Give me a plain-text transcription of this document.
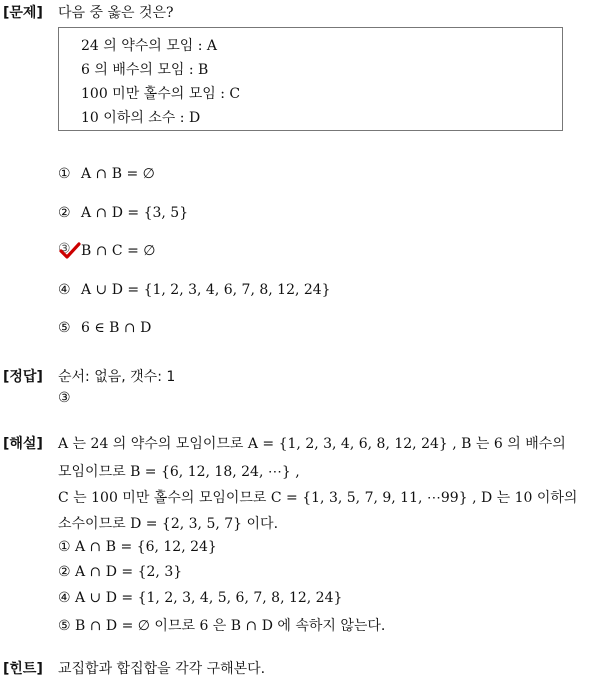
[문제] 다음 중 옳은 것은?
24 의 약수의 모임 : A
6 의 배수의 모임 : B
100 미만 홀수의 모임 : C
10 이하의 소수 : D
① A ∩ B = ∅
② A ∩ D = {3, 5}
③ B ∩ C = ∅
④ A ∪ D = {1, 2, 3, 4, 6, 7, 8, 12, 24}
⑤ 6 ∈ B ∩ D
[정답] 순서: 없음, 갯수: 1
③
[해설] A 는 24 의 약수의 모임이므로 A = {1, 2, 3, 4, 6, 8, 12, 24} , B 는 6 의 배수의
모임이므로 B = {6, 12, 18, 24, ⋯} ,
C 는 100 미만 홀수의 모임이므로 C = {1, 3, 5, 7, 9, 11, ⋯99} , D 는 10 이하의
소수이므로 D = {2, 3, 5, 7} 이다.
① A ∩ B = {6, 12, 24}
② A ∩ D = {2, 3}
④ A ∪ D = {1, 2, 3, 4, 5, 6, 7, 8, 12, 24}
⑤ B ∩ D = ∅ 이므로 6 은 B ∩ D 에 속하지 않는다.
[힌트] 교집합과 합집합을 각각 구해본다.
